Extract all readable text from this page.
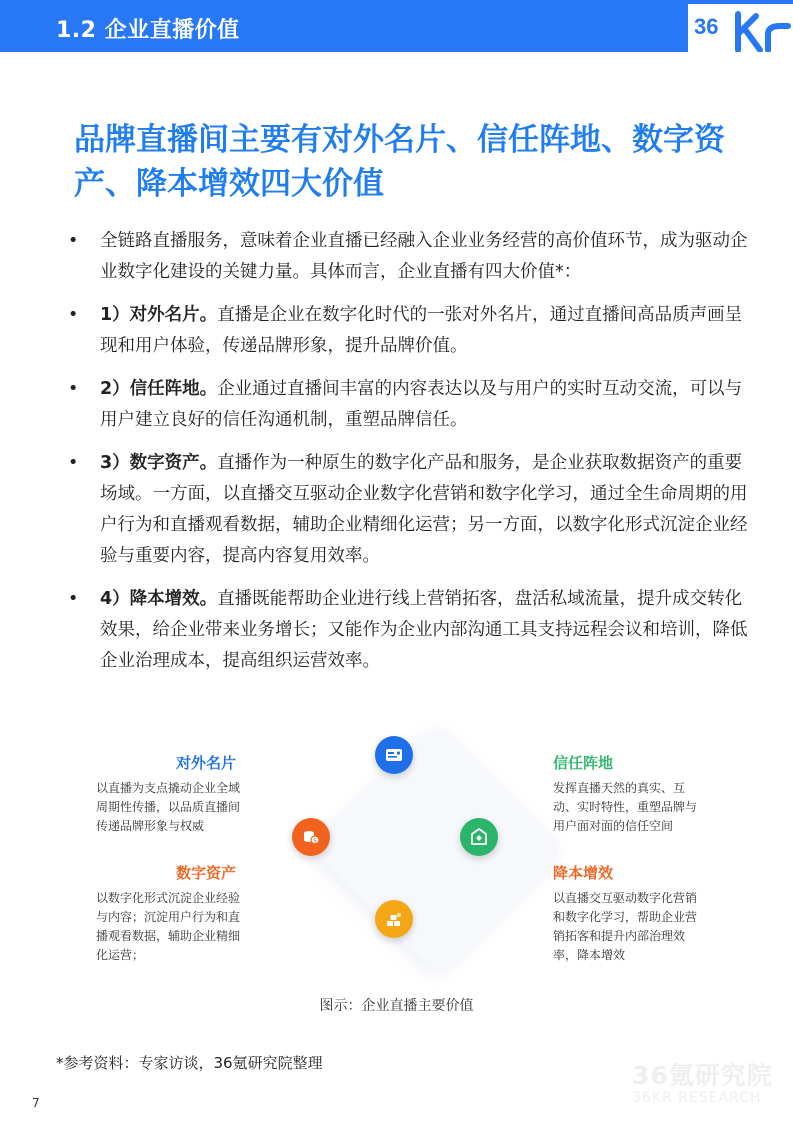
1.2 企业直播价值	36
品牌直播间主要有对外名片、信任阵地、数字资产、降本增效四大价值
• 全链路直播服务，意味着企业直播已经融入企业业务经营的高价值环节，成为驱动企业数字化建设的关键力量。具体而言，企业直播有四大价值*：
• 1）对外名片。直播是企业在数字化时代的一张对外名片，通过直播间高品质声画呈现和用户体验，传递品牌形象，提升品牌价值。
• 2）信任阵地。企业通过直播间丰富的内容表达以及与用户的实时互动交流，可以与用户建立良好的信任沟通机制，重塑品牌信任。
• 3）数字资产。直播作为一种原生的数字化产品和服务，是企业获取数据资产的重要场域。一方面，以直播交互驱动企业数字化营销和数字化学习，通过全生命周期的用户行为和直播观看数据，辅助企业精细化运营；另一方面，以数字化形式沉淀企业经验与重要内容，提高内容复用效率。
• 4）降本增效。直播既能帮助企业进行线上营销拓客，盘活私域流量，提升成交转化效果，给企业带来业务增长；又能作为企业内部沟通工具支持远程会议和培训，降低企业治理成本，提高组织运营效率。
$
对外名片
以直播为支点撬动企业全域周期性传播，以品质直播间传递品牌形象与权威
数字资产
以数字化形式沉淀企业经验与内容；沉淀用户行为和直播观看数据，辅助企业精细化运营；
信任阵地
发挥直播天然的真实、互动、实时特性，重塑品牌与用户面对面的信任空间
降本增效
以直播交互驱动数字化营销和数字化学习，帮助企业营销拓客和提升内部治理效率，降本增效
图示：企业直播主要价值
*参考资料：专家访谈，36氪研究院整理	36氪研究院
36KR RESEARCH
7
